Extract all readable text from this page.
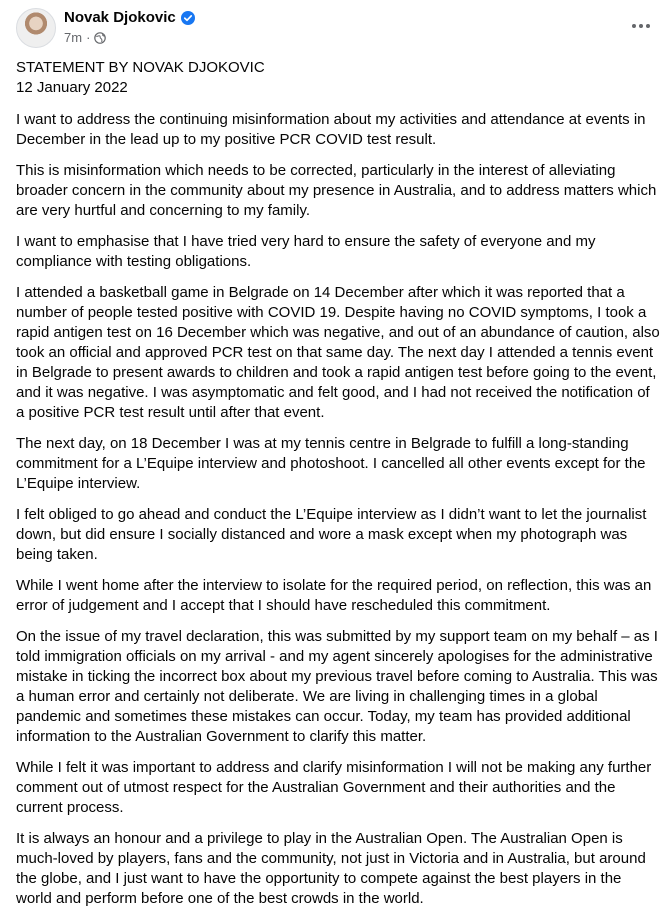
Novak Djokovic
7m ·
STATEMENT BY NOVAK DJOKOVIC
12 January 2022

I want to address the continuing misinformation about my activities and attendance at events in December in the lead up to my positive PCR COVID test result.

This is misinformation which needs to be corrected, particularly in the interest of alleviating broader concern in the community about my presence in Australia, and to address matters which are very hurtful and concerning to my family.

I want to emphasise that I have tried very hard to ensure the safety of everyone and my compliance with testing obligations.

I attended a basketball game in Belgrade on 14 December after which it was reported that a number of people tested positive with COVID 19. Despite having no COVID symptoms, I took a rapid antigen test on 16 December which was negative, and out of an abundance of caution, also took an official and approved PCR test on that same day. The next day I attended a tennis event in Belgrade to present awards to children and took a rapid antigen test before going to the event, and it was negative. I was asymptomatic and felt good, and I had not received the notification of a positive PCR test result until after that event.

The next day, on 18 December I was at my tennis centre in Belgrade to fulfill a long-standing commitment for a L’Equipe interview and photoshoot. I cancelled all other events except for the L’Equipe interview.

I felt obliged to go ahead and conduct the L’Equipe interview as I didn’t want to let the journalist down, but did ensure I socially distanced and wore a mask except when my photograph was being taken.

While I went home after the interview to isolate for the required period, on reflection, this was an error of judgement and I accept that I should have rescheduled this commitment.

On the issue of my travel declaration, this was submitted by my support team on my behalf – as I told immigration officials on my arrival - and my agent sincerely apologises for the administrative mistake in ticking the incorrect box about my previous travel before coming to Australia. This was a human error and certainly not deliberate. We are living in challenging times in a global pandemic and sometimes these mistakes can occur. Today, my team has provided additional information to the Australian Government to clarify this matter.

While I felt it was important to address and clarify misinformation I will not be making any further comment out of utmost respect for the Australian Government and their authorities and the current process.

It is always an honour and a privilege to play in the Australian Open. The Australian Open is much-loved by players, fans and the community, not just in Victoria and in Australia, but around the globe, and I just want to have the opportunity to compete against the best players in the world and perform before one of the best crowds in the world.
